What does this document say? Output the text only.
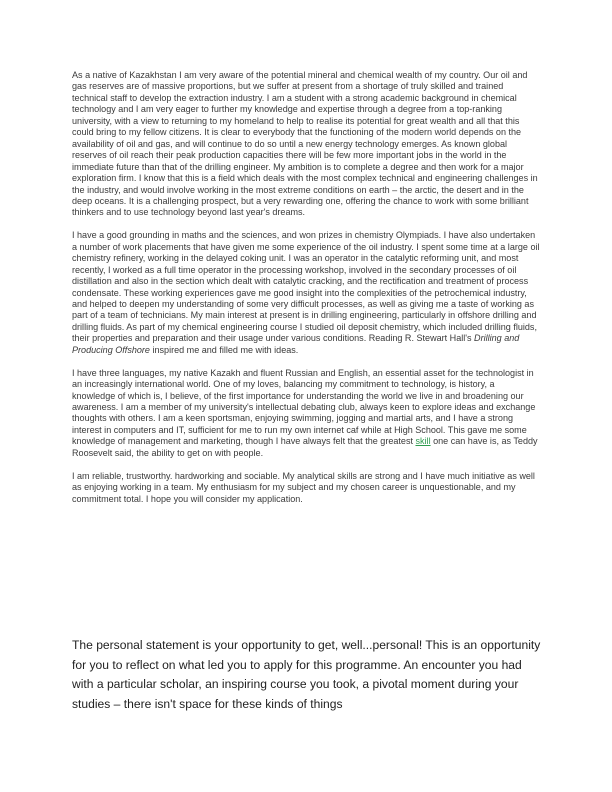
As a native of Kazakhstan I am very aware of the potential mineral and chemical wealth of my country. Our oil and gas reserves are of massive proportions, but we suffer at present from a shortage of truly skilled and trained technical staff to develop the extraction industry. I am a student with a strong academic background in chemical technology and I am very eager to further my knowledge and expertise through a degree from a top-ranking university, with a view to returning to my homeland to help to realise its potential for great wealth and all that this could bring to my fellow citizens. It is clear to everybody that the functioning of the modern world depends on the availability of oil and gas, and will continue to do so until a new energy technology emerges. As known global reserves of oil reach their peak production capacities there will be few more important jobs in the world in the immediate future than that of the drilling engineer. My ambition is to complete a degree and then work for a major exploration firm. I know that this is a field which deals with the most complex technical and engineering challenges in the industry, and would involve working in the most extreme conditions on earth – the arctic, the desert and in the deep oceans. It is a challenging prospect, but a very rewarding one, offering the chance to work with some brilliant thinkers and to use technology beyond last year's dreams.

I have a good grounding in maths and the sciences, and won prizes in chemistry Olympiads. I have also undertaken a number of work placements that have given me some experience of the oil industry. I spent some time at a large oil chemistry refinery, working in the delayed coking unit. I was an operator in the catalytic reforming unit, and most recently, I worked as a full time operator in the processing workshop, involved in the secondary processes of oil distillation and also in the section which dealt with catalytic cracking, and the rectification and treatment of process condensate. These working experiences gave me good insight into the complexities of the petrochemical industry, and helped to deepen my understanding of some very difficult processes, as well as giving me a taste of working as part of a team of technicians. My main interest at present is in drilling engineering, particularly in offshore drilling and drilling fluids. As part of my chemical engineering course I studied oil deposit chemistry, which included drilling fluids, their properties and preparation and their usage under various conditions. Reading R. Stewart Hall's Drilling and Producing Offshore inspired me and filled me with ideas.

I have three languages, my native Kazakh and fluent Russian and English, an essential asset for the technologist in an increasingly international world. One of my loves, balancing my commitment to technology, is history, a knowledge of which is, I believe, of the first importance for understanding the world we live in and broadening our awareness. I am a member of my university's intellectual debating club, always keen to explore ideas and exchange thoughts with others. I am a keen sportsman, enjoying swimming, jogging and martial arts, and I have a strong interest in computers and IT, sufficient for me to run my own internet caf while at High School. This gave me some knowledge of management and marketing, though I have always felt that the greatest skill one can have is, as Teddy Roosevelt said, the ability to get on with people.

I am reliable, trustworthy. hardworking and sociable. My analytical skills are strong and I have much initiative as well as enjoying working in a team. My enthusiasm for my subject and my chosen career is unquestionable, and my commitment total. I hope you will consider my application.

The personal statement is your opportunity to get, well...personal! This is an opportunity for you to reflect on what led you to apply for this programme. An encounter you had with a particular scholar, an inspiring course you took, a pivotal moment during your studies – there isn't space for these kinds of things
